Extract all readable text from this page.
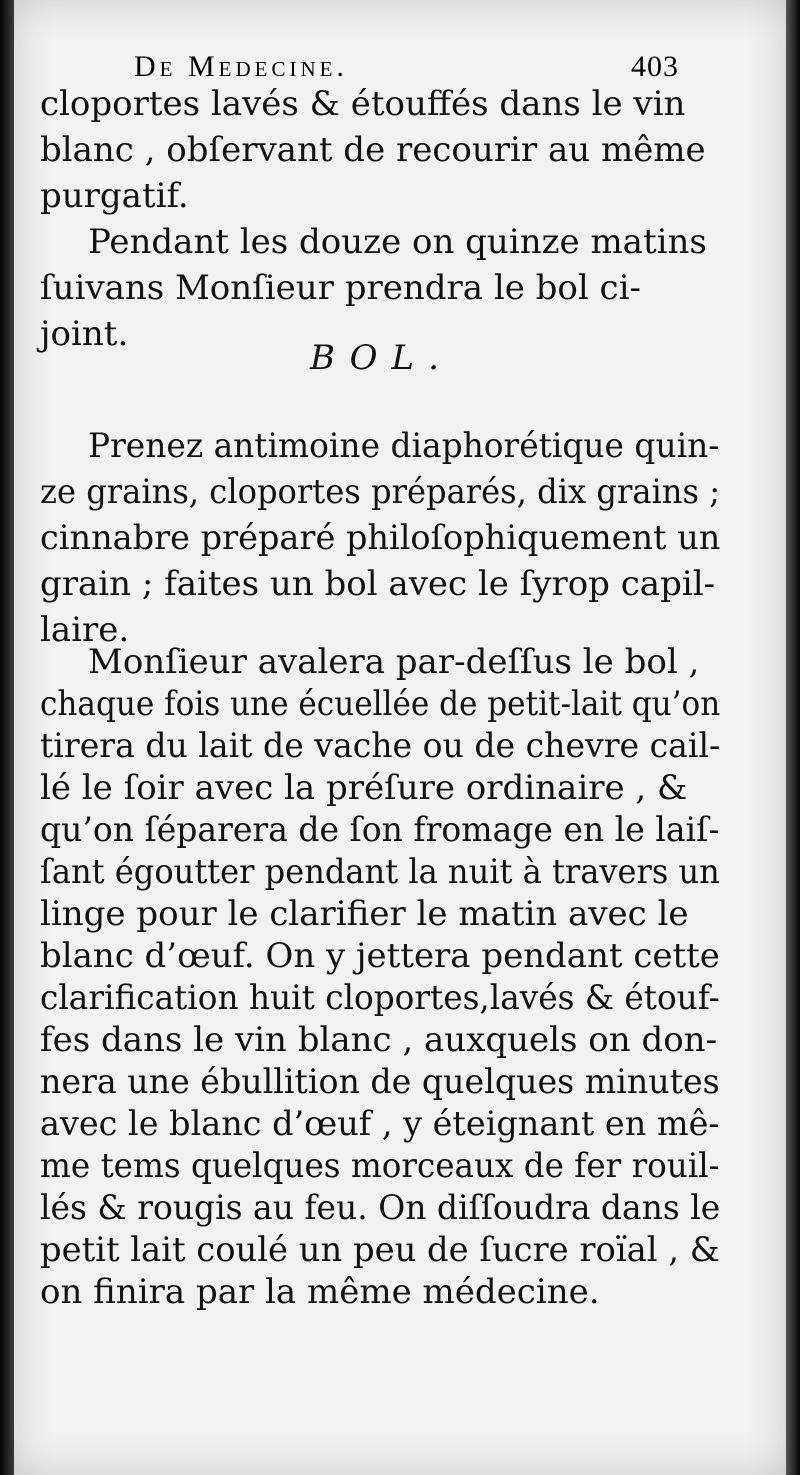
De Medecine.	403
cloportes lavés & étouffés dans le vin
blanc , obſervant de recourir au même
purgatif.
Pendant les douze on quinze matins
ſuivans Monſieur prendra le bol ci-
joint.
BOL.
Prenez antimoine diaphorétique quin-
ze grains, cloportes préparés, dix grains ;
cinnabre préparé philoſophiquement un
grain ; faites un bol avec le ſyrop capil-
laire.
Monſieur avalera par-deſſus le bol ,
chaque fois une écuellée de petit-lait qu’on
tirera du lait de vache ou de chevre cail-
lé le ſoir avec la préſure ordinaire , &
qu’on ſéparera de ſon fromage en le laiſ-
ſant égoutter pendant la nuit à travers un
linge pour le clarifier le matin avec le
blanc d’œuf. On y jettera pendant cette
clarification huit cloportes,lavés & étouf-
fes dans le vin blanc , auxquels on don-
nera une ébullition de quelques minutes
avec le blanc d’œuf , y éteignant en mê-
me tems quelques morceaux de fer rouil-
lés & rougis au feu. On diſſoudra dans le
petit lait coulé un peu de ſucre roïal , &
on finira par la même médecine.
